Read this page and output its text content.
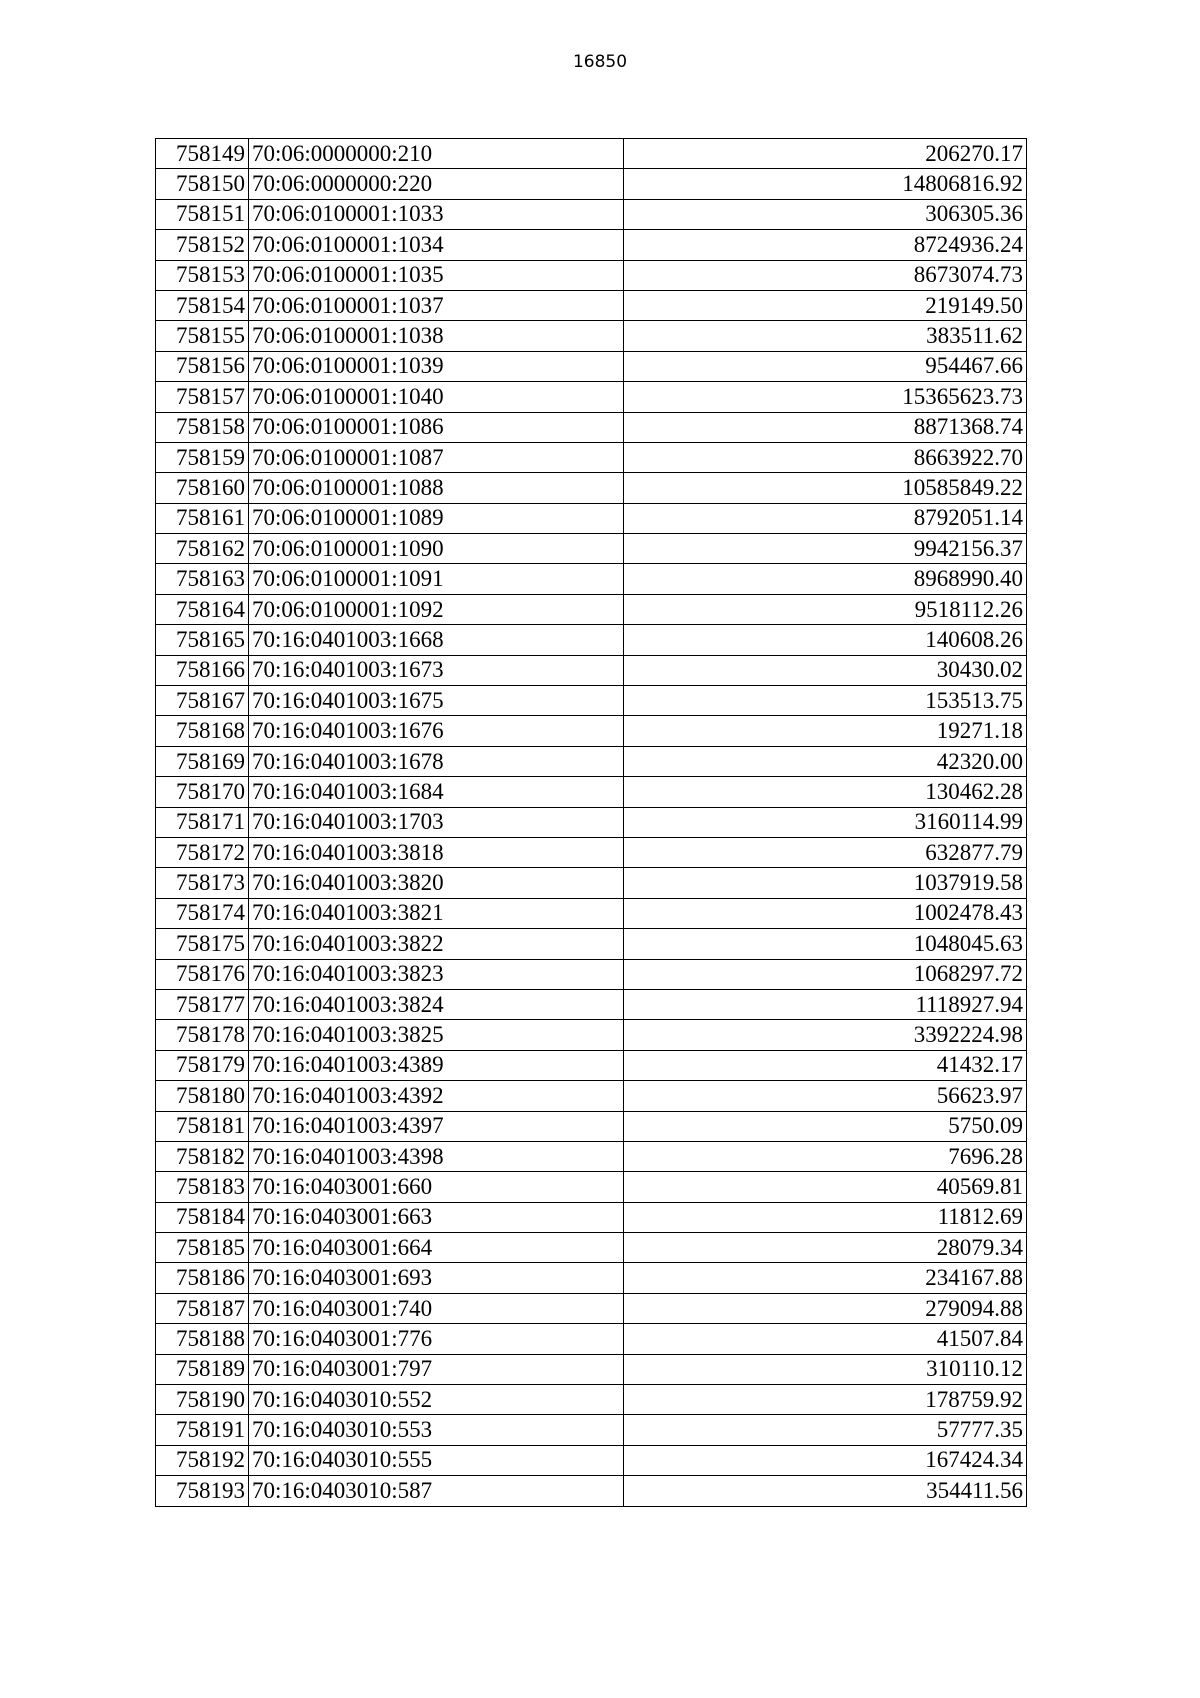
16850
758149	70:06:0000000:210	206270.17
758150	70:06:0000000:220	14806816.92
758151	70:06:0100001:1033	306305.36
758152	70:06:0100001:1034	8724936.24
758153	70:06:0100001:1035	8673074.73
758154	70:06:0100001:1037	219149.50
758155	70:06:0100001:1038	383511.62
758156	70:06:0100001:1039	954467.66
758157	70:06:0100001:1040	15365623.73
758158	70:06:0100001:1086	8871368.74
758159	70:06:0100001:1087	8663922.70
758160	70:06:0100001:1088	10585849.22
758161	70:06:0100001:1089	8792051.14
758162	70:06:0100001:1090	9942156.37
758163	70:06:0100001:1091	8968990.40
758164	70:06:0100001:1092	9518112.26
758165	70:16:0401003:1668	140608.26
758166	70:16:0401003:1673	30430.02
758167	70:16:0401003:1675	153513.75
758168	70:16:0401003:1676	19271.18
758169	70:16:0401003:1678	42320.00
758170	70:16:0401003:1684	130462.28
758171	70:16:0401003:1703	3160114.99
758172	70:16:0401003:3818	632877.79
758173	70:16:0401003:3820	1037919.58
758174	70:16:0401003:3821	1002478.43
758175	70:16:0401003:3822	1048045.63
758176	70:16:0401003:3823	1068297.72
758177	70:16:0401003:3824	1118927.94
758178	70:16:0401003:3825	3392224.98
758179	70:16:0401003:4389	41432.17
758180	70:16:0401003:4392	56623.97
758181	70:16:0401003:4397	5750.09
758182	70:16:0401003:4398	7696.28
758183	70:16:0403001:660	40569.81
758184	70:16:0403001:663	11812.69
758185	70:16:0403001:664	28079.34
758186	70:16:0403001:693	234167.88
758187	70:16:0403001:740	279094.88
758188	70:16:0403001:776	41507.84
758189	70:16:0403001:797	310110.12
758190	70:16:0403010:552	178759.92
758191	70:16:0403010:553	57777.35
758192	70:16:0403010:555	167424.34
758193	70:16:0403010:587	354411.56
